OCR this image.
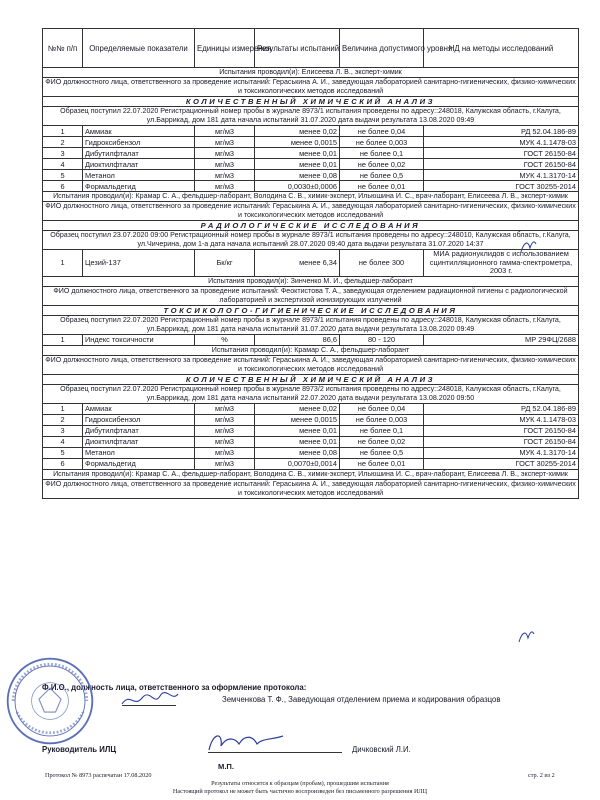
№№ п/п	Определяемые показатели	Единицы измерения	Результаты испытаний	Величина допустимого уровня	НД на методы исследований
Испытания проводил(и): Елисеева Л. В., эксперт-химик					
ФИО должностного лица, ответственного за проведение испытаний: Гераськина А. И., заведующая лабораторией санитарно-гигиенических, физико-химических и токсикологических методов исследований					
КОЛИЧЕСТВЕННЫЙ ХИМИЧЕСКИЙ АНАЛИЗ					
Образец поступил 22.07.2020 Регистрационный номер пробы в журнале 8973/1 испытания проведены по адресу::248018, Калужская область, г.Калуга, ул.Баррикад, дом 181 дата начала испытаний 31.07.2020 дата выдачи результата 13.08.2020 09:49					
1	Аммиак	мг/м3	менее 0,02	не более 0,04	РД 52.04.186-89
2	Гидроксибензол	мг/м3	менее 0,0015	не более 0,003	МУК 4.1.1478-03
3	Дибутилфталат	мг/м3	менее 0,01	не более 0,1	ГОСТ 26150-84
4	Диоктилфталат	мг/м3	менее 0,01	не более 0,02	ГОСТ 26150-84
5	Метанол	мг/м3	менее 0,08	не более 0,5	МУК 4.1.3170-14
6	Формальдегид	мг/м3	0,0030±0,0006	не более 0,01	ГОСТ 30255-2014
Испытания проводил(и): Крамар С. А., фельдшер-лаборант, Володина С. В., химик-эксперт, Ильюшина И. С., врач-лаборант, Елисеева Л. В., эксперт-химик					
ФИО должностного лица, ответственного за проведение испытаний: Гераськина А. И., заведующая лабораторией санитарно-гигиенических, физико-химических и токсикологических методов исследований					
РАДИОЛОГИЧЕСКИЕ ИССЛЕДОВАНИЯ					
Образец поступил 23.07.2020 09:00 Регистрационный номер пробы в журнале 8973/1 испытания проведены по адресу::248010, Калужская область, г.Калуга, ул.Чичерина, дом 1-а дата начала испытаний 28.07.2020 09:40 дата выдачи результата 31.07.2020 14:37					
1	Цезий-137	Бк/кг	менее 6,34	не более 300	МИА радионуклидов с использованием сцинтилляционного гамма-спектрометра, 2003 г.
Испытания проводил(и): Зинченко М. И., фельдшер-лаборант					
ФИО должностного лица, ответственного за проведение испытаний: Феоктистова Т. А., заведующая отделением радиационной гигиены с радиологической лабораторией и экспертизой ионизирующих излучений					
ТОКСИКОЛОГО-ГИГИЕНИЧЕСКИЕ ИССЛЕДОВАНИЯ					
Образец поступил 22.07.2020 Регистрационный номер пробы в журнале 8973/1 испытания проведены по адресу::248018, Калужская область, г.Калуга, ул.Баррикад, дом 181 дата начала испытаний 31.07.2020 дата выдачи результата 13.08.2020 09:49					
1	Индекс токсичности	%	86,6	80 - 120	МР 29ФЦ/2688
Испытания проводил(и): Крамар С. А., фельдшер-лаборант					
ФИО должностного лица, ответственного за проведение испытаний: Гераськина А. И., заведующая лабораторией санитарно-гигиенических, физико-химических и токсикологических методов исследований					
КОЛИЧЕСТВЕННЫЙ ХИМИЧЕСКИЙ АНАЛИЗ					
Образец поступил 22.07.2020 Регистрационный номер пробы в журнале 8973/2 испытания проведены по адресу::248018, Калужская область, г.Калуга, ул.Баррикад, дом 181 дата начала испытаний 22.07.2020 дата выдачи результата 13.08.2020 09:50					
1	Аммиак	мг/м3	менее 0,02	не более 0,04	РД 52.04.186-89
2	Гидроксибензол	мг/м3	менее 0,0015	не более 0,003	МУК 4.1.1478-03
3	Дибутилфталат	мг/м3	менее 0,01	не более 0,1	ГОСТ 26150-84
4	Диоктилфталат	мг/м3	менее 0,01	не более 0,02	ГОСТ 26150-84
5	Метанол	мг/м3	менее 0,08	не более 0,5	МУК 4.1.3170-14
6	Формальдегид	мг/м3	0,0070±0,0014	не более 0,01	ГОСТ 30255-2014
Испытания проводил(и): Крамар С. А., фельдшер-лаборант, Володина С. В., химик-эксперт, Ильюшина И. С., врач-лаборант, Елисеева Л. В., эксперт-химик					
ФИО должностного лица, ответственного за проведение испытаний: Гераськина А. И., заведующая лабораторией санитарно-гигиенических, физико-химических и токсикологических методов исследований					
Ф.И.О., должность лица, ответственного за оформление протокола:
Земченкова Т. Ф., Заведующая отделением приема и кодирования образцов
Руководитель ИЛЦ	Дичковский Л.И.
М.П.
Протокол № 8973 распечатан 17.08.2020	стр. 2 из 2
Результаты относятся к образцам (пробам), прошедшим испытания
Настоящий протокол не может быть частично воспроизведен без письменного разрешения ИЛЦ
